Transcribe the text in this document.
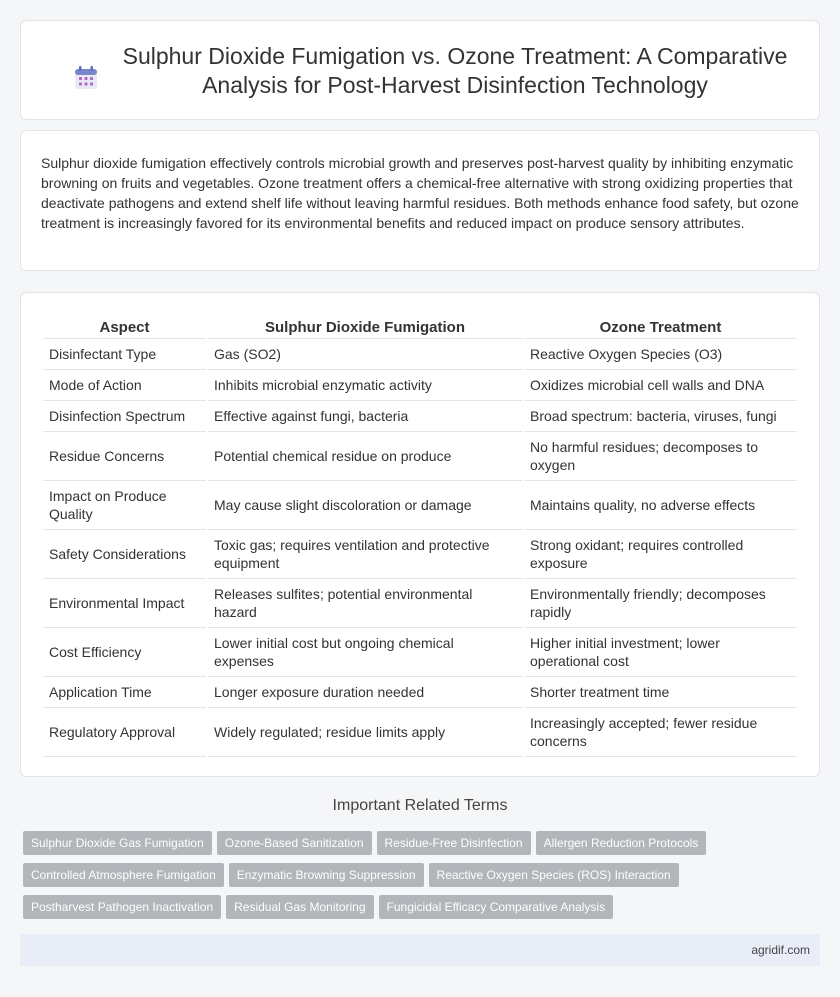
Sulphur Dioxide Fumigation vs. Ozone Treatment: A Comparative Analysis for Post-Harvest Disinfection Technology

Sulphur dioxide fumigation effectively controls microbial growth and preserves post-harvest quality by inhibiting enzymatic browning on fruits and vegetables. Ozone treatment offers a chemical-free alternative with strong oxidizing properties that deactivate pathogens and extend shelf life without leaving harmful residues. Both methods enhance food safety, but ozone treatment is increasingly favored for its environmental benefits and reduced impact on produce sensory attributes.

Aspect	Sulphur Dioxide Fumigation	Ozone Treatment
Disinfectant Type	Gas (SO2)	Reactive Oxygen Species (O3)
Mode of Action	Inhibits microbial enzymatic activity	Oxidizes microbial cell walls and DNA
Disinfection Spectrum	Effective against fungi, bacteria	Broad spectrum: bacteria, viruses, fungi
Residue Concerns	Potential chemical residue on produce	No harmful residues; decomposes to oxygen
Impact on Produce Quality	May cause slight discoloration or damage	Maintains quality, no adverse effects
Safety Considerations	Toxic gas; requires ventilation and protective equipment	Strong oxidant; requires controlled exposure
Environmental Impact	Releases sulfites; potential environmental hazard	Environmentally friendly; decomposes rapidly
Cost Efficiency	Lower initial cost but ongoing chemical expenses	Higher initial investment; lower operational cost
Application Time	Longer exposure duration needed	Shorter treatment time
Regulatory Approval	Widely regulated; residue limits apply	Increasingly accepted; fewer residue concerns
Important Related Terms
Sulphur Dioxide Gas Fumigation Ozone-Based Sanitization Residue-Free Disinfection Allergen Reduction Protocols
Controlled Atmosphere Fumigation Enzymatic Browning Suppression Reactive Oxygen Species (ROS) Interaction
Postharvest Pathogen Inactivation Residual Gas Monitoring Fungicidal Efficacy Comparative Analysis
agridif.com
